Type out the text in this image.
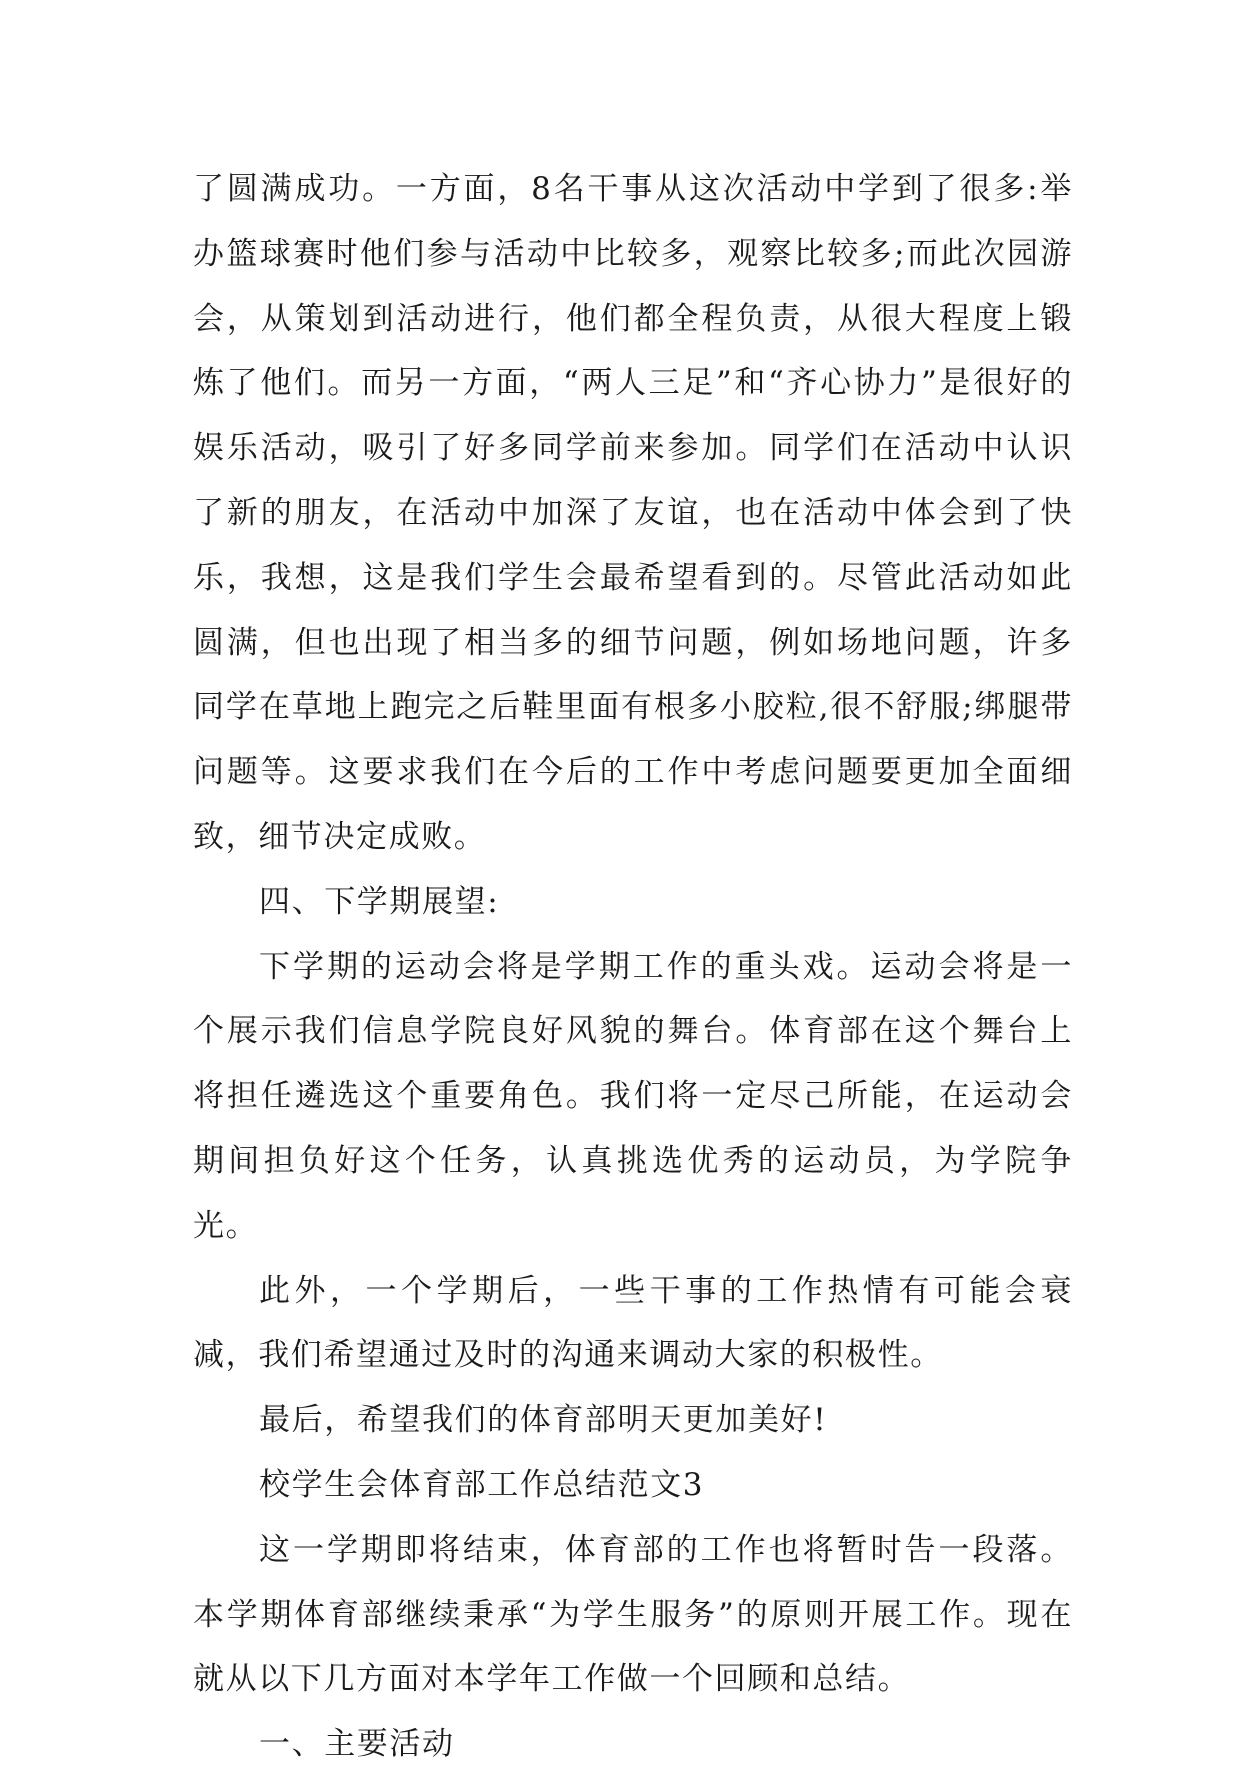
了圆满成功。一方面，8名干事从这次活动中学到了很多:举办篮球赛时他们参与活动中比较多，观察比较多;而此次园游会，从策划到活动进行，他们都全程负责，从很大程度上锻炼了他们。而另一方面，“两人三足”和“齐心协力”是很好的娱乐活动，吸引了好多同学前来参加。同学们在活动中认识了新的朋友，在活动中加深了友谊，也在活动中体会到了快乐，我想，这是我们学生会最希望看到的。尽管此活动如此圆满，但也出现了相当多的细节问题，例如场地问题，许多同学在草地上跑完之后鞋里面有根多小胶粒,很不舒服;绑腿带问题等。这要求我们在今后的工作中考虑问题要更加全面细致，细节决定成败。

四、下学期展望:

下学期的运动会将是学期工作的重头戏。运动会将是一个展示我们信息学院良好风貌的舞台。体育部在这个舞台上将担任遴选这个重要角色。我们将一定尽己所能，在运动会期间担负好这个任务，认真挑选优秀的运动员，为学院争光。

此外，一个学期后，一些干事的工作热情有可能会衰减，我们希望通过及时的沟通来调动大家的积极性。

最后，希望我们的体育部明天更加美好!

校学生会体育部工作总结范文3

这一学期即将结束，体育部的工作也将暂时告一段落。本学期体育部继续秉承“为学生服务”的原则开展工作。现在就从以下几方面对本学年工作做一个回顾和总结。

一、主要活动
